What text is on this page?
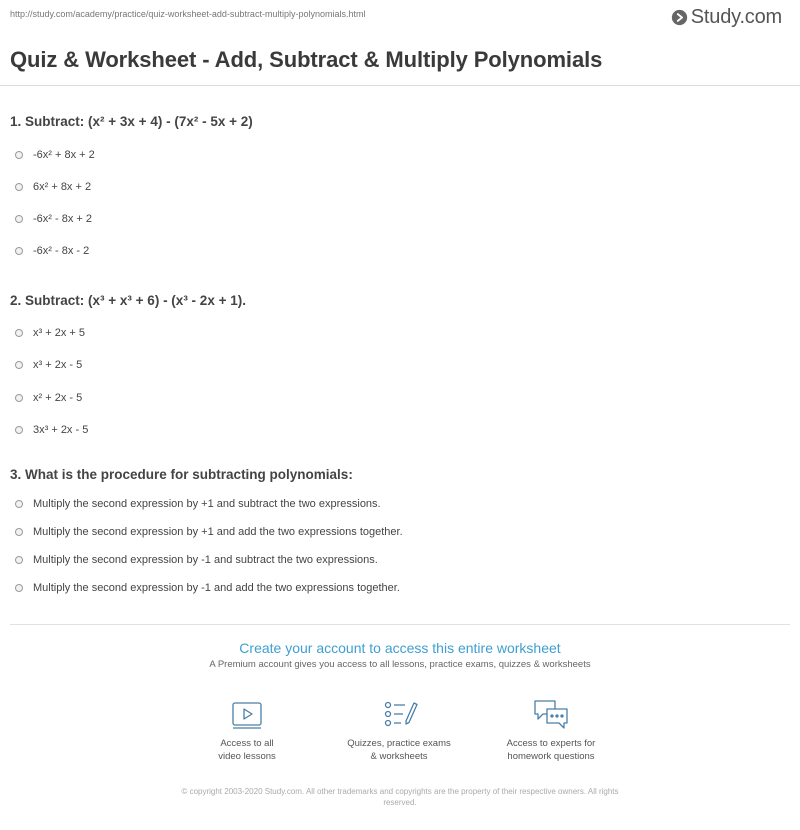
http://study.com/academy/practice/quiz-worksheet-add-subtract-multiply-polynomials.html	Study.com
Quiz & Worksheet - Add, Subtract & Multiply Polynomials
1. Subtract: (x² + 3x + 4) - (7x² - 5x + 2)
-6x² + 8x + 2
6x² + 8x + 2
-6x² - 8x + 2
-6x² - 8x - 2
2. Subtract: (x³ + x³ + 6) - (x³ - 2x + 1).
x³ + 2x + 5
x³ + 2x - 5
x² + 2x - 5
3x³ + 2x - 5
3. What is the procedure for subtracting polynomials:
Multiply the second expression by +1 and subtract the two expressions.
Multiply the second expression by +1 and add the two expressions together.
Multiply the second expression by -1 and subtract the two expressions.
Multiply the second expression by -1 and add the two expressions together.
Create your account to access this entire worksheet
A Premium account gives you access to all lessons, practice exams, quizzes & worksheets
Access to all
video lessons
Quizzes, practice exams
& worksheets
Access to experts for
homework questions
© copyright 2003-2020 Study.com. All other trademarks and copyrights are the property of their respective owners. All rights
reserved.
